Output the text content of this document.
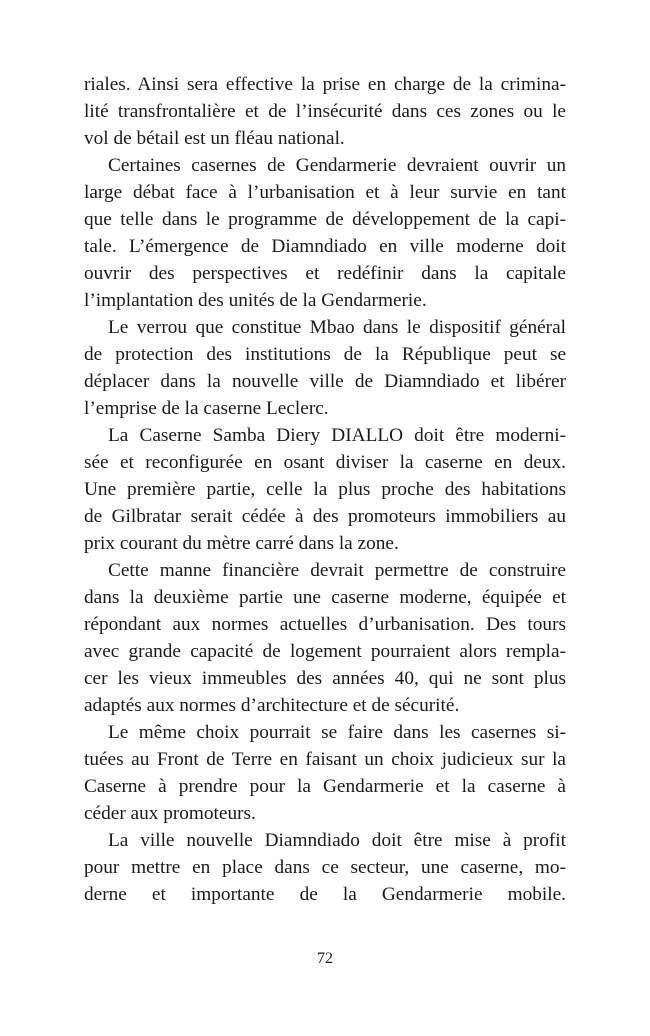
riales. Ainsi sera effective la prise en charge de la crimina-
lité transfrontalière et de l’insécurité dans ces zones ou le
vol de bétail est un fléau national.
Certaines casernes de Gendarmerie devraient ouvrir un
large débat face à l’urbanisation et à leur survie en tant
que telle dans le programme de développement de la capi-
tale. L’émergence de Diamndiado en ville moderne doit
ouvrir des perspectives et redéfinir dans la capitale
l’implantation des unités de la Gendarmerie.
Le verrou que constitue Mbao dans le dispositif général
de protection des institutions de la République peut se
déplacer dans la nouvelle ville de Diamndiado et libérer
l’emprise de la caserne Leclerc.
La Caserne Samba Diery DIALLO doit être moderni-
sée et reconfigurée en osant diviser la caserne en deux.
Une première partie, celle la plus proche des habitations
de Gilbratar serait cédée à des promoteurs immobiliers au
prix courant du mètre carré dans la zone.
Cette manne financière devrait permettre de construire
dans la deuxième partie une caserne moderne, équipée et
répondant aux normes actuelles d’urbanisation. Des tours
avec grande capacité de logement pourraient alors rempla-
cer les vieux immeubles des années 40, qui ne sont plus
adaptés aux normes d’architecture et de sécurité.
Le même choix pourrait se faire dans les casernes si-
tuées au Front de Terre en faisant un choix judicieux sur la
Caserne à prendre pour la Gendarmerie et la caserne à
céder aux promoteurs.
La ville nouvelle Diamndiado doit être mise à profit
pour mettre en place dans ce secteur, une caserne, mo-
derne et importante de la Gendarmerie mobile.
72
